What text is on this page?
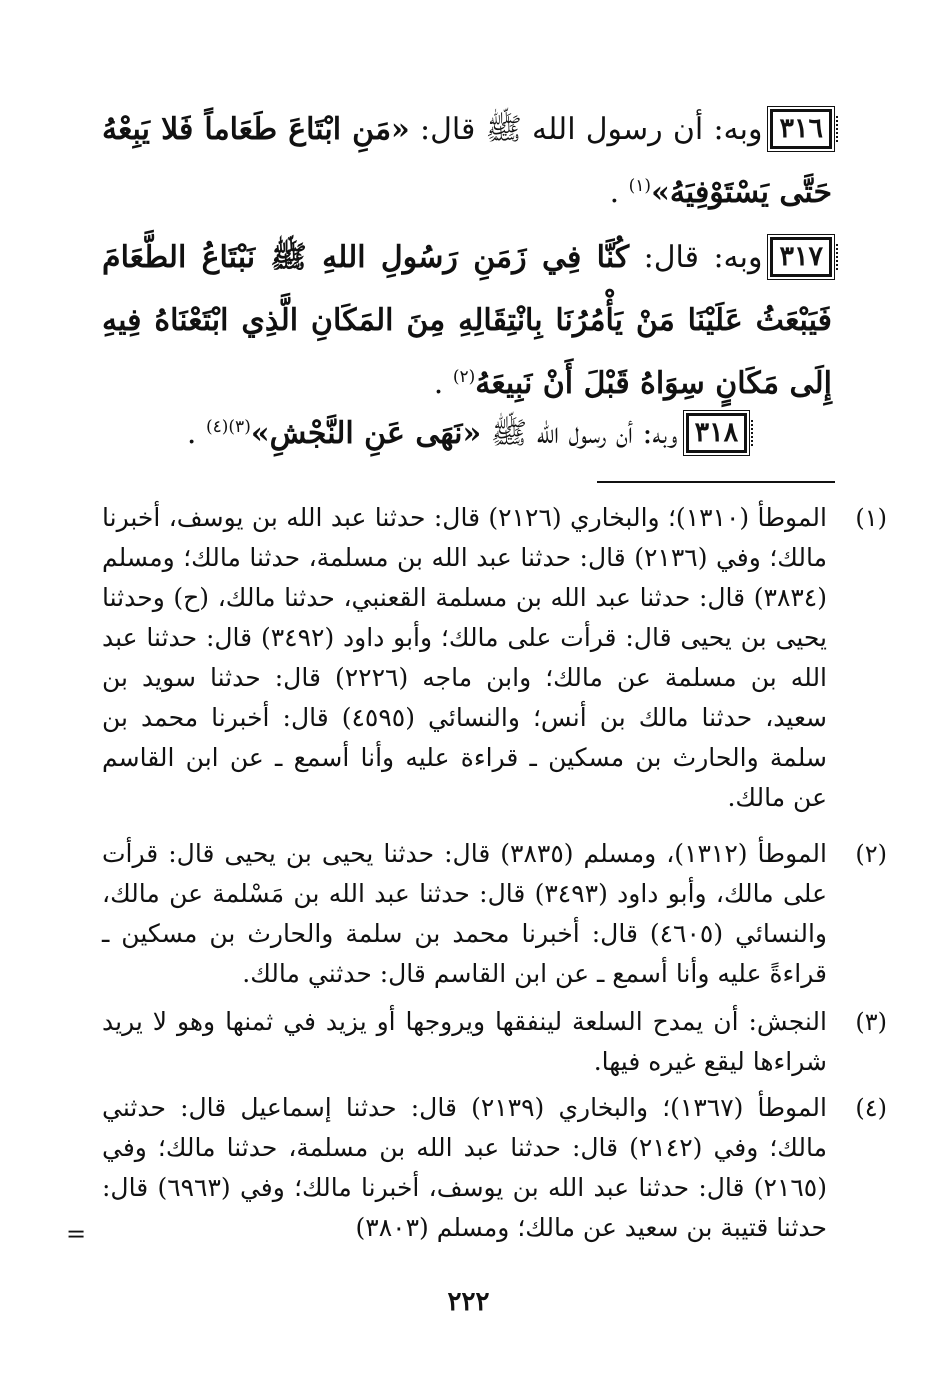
٣١٦وبه: أن رسول الله ﷺ قال: «مَنِ ابْتَاعَ طَعَاماً فَلا يَبِعْهُ حَتَّى يَسْتَوْفِيَهُ»$^{(١)}$ .

٣١٧وبه: قال: كُنَّا فِي زَمَنِ رَسُولِ اللهِ ﷺ نَبْتَاعُ الطَّعَامَ فَيَبْعَثُ عَلَيْنَا مَنْ يَأْمُرُنَا بِانْتِقَالِهِ مِنَ المَكَانِ الَّذِي ابْتَعْنَاهُ فِيهِ إِلَى مَكَانٍ سِوَاهُ قَبْلَ أَنْ نَبِيعَهُ$^{(٢)}$ .

٣١٨وبه: أن رسول الله ﷺ «نَهَى عَنِ النَّجْشِ»$^{(٣)(٤)}$ .

(١)
الموطأ (١٣١٠)؛ والبخاري (٢١٢٦) قال: حدثنا عبد الله بن يوسف، أخبرنا مالك؛ وفي (٢١٣٦) قال: حدثنا عبد الله بن مسلمة، حدثنا مالك؛ ومسلم (٣٨٣٤) قال: حدثنا عبد الله بن مسلمة القعنبي، حدثنا مالك، (ح) وحدثنا يحيى بن يحيى قال: قرأت على مالك؛ وأبو داود (٣٤٩٢) قال: حدثنا عبد الله بن مسلمة عن مالك؛ وابن ماجه (٢٢٢٦) قال: حدثنا سويد بن سعيد، حدثنا مالك بن أنس؛ والنسائي (٤٥٩٥) قال: أخبرنا محمد بن سلمة والحارث بن مسكين ـ قراءة عليه وأنا أسمع ـ عن ابن القاسم عن مالك.
(٢)
الموطأ (١٣١٢)، ومسلم (٣٨٣٥) قال: حدثنا يحيى بن يحيى قال: قرأت على مالك، وأبو داود (٣٤٩٣) قال: حدثنا عبد الله بن مَسْلمة عن مالك، والنسائي (٤٦٠٥) قال: أخبرنا محمد بن سلمة والحارث بن مسكين ـ قراءةً عليه وأنا أسمع ـ عن ابن القاسم قال: حدثني مالك.
(٣)
النجش: أن يمدح السلعة لينفقها ويروجها أو يزيد في ثمنها وهو لا يريد شراءها ليقع غيره فيها.
(٤)
الموطأ (١٣٦٧)؛ والبخاري (٢١٣٩) قال: حدثنا إسماعيل قال: حدثني مالك؛ وفي (٢١٤٢) قال: حدثنا عبد الله بن مسلمة، حدثنا مالك؛ وفي (٢١٦٥) قال: حدثنا عبد الله بن يوسف، أخبرنا مالك؛ وفي (٦٩٦٣) قال: حدثنا قتيبة بن سعيد عن مالك؛ ومسلم (٣٨٠٣)
=
٢٢٢
